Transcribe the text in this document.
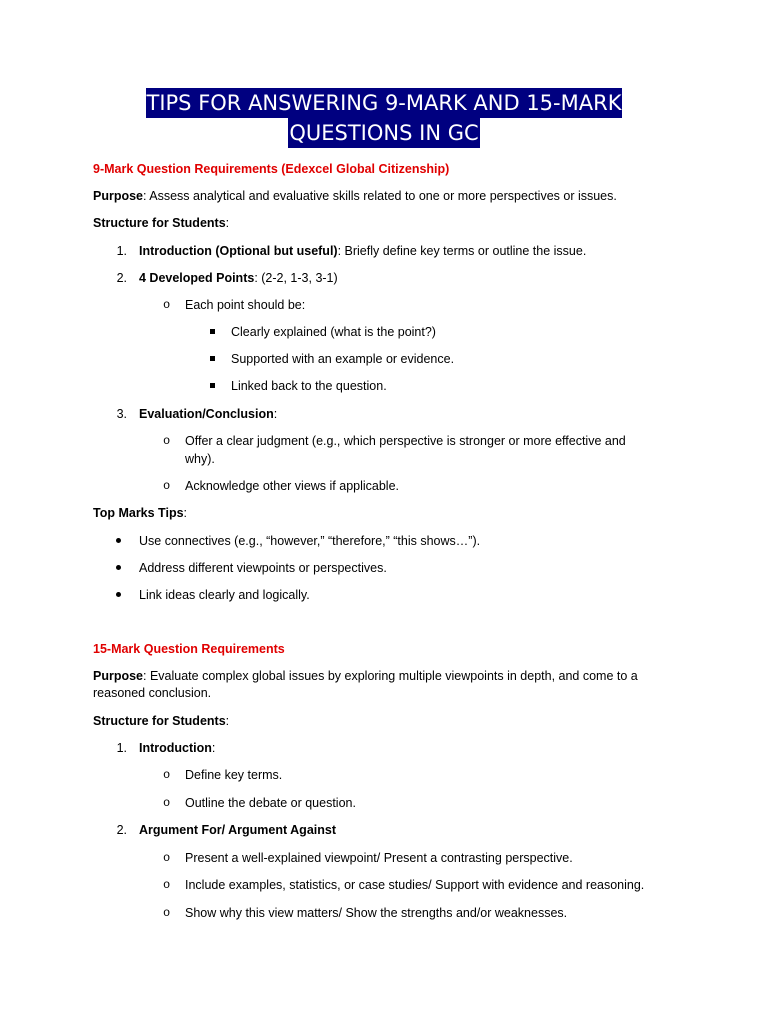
TIPS FOR ANSWERING 9-MARK AND 15-MARK
QUESTIONS IN GC
9-Mark Question Requirements (Edexcel Global Citizenship)
Purpose: Assess analytical and evaluative skills related to one or more perspectives or issues.
Structure for Students:
1. Introduction (Optional but useful): Briefly define key terms or outline the issue.
2. 4 Developed Points: (2-2, 1-3, 3-1)
o Each point should be:
Clearly explained (what is the point?)
Supported with an example or evidence.
Linked back to the question.
3. Evaluation/Conclusion:
o Offer a clear judgment (e.g., which perspective is stronger or more effective and why).
o Acknowledge other views if applicable.
Top Marks Tips:
Use connectives (e.g., “however,” “therefore,” “this shows…”).
Address different viewpoints or perspectives.
Link ideas clearly and logically.
15-Mark Question Requirements
Purpose: Evaluate complex global issues by exploring multiple viewpoints in depth, and come to a reasoned conclusion.
Structure for Students:
1. Introduction:
o Define key terms.
o Outline the debate or question.
2. Argument For/ Argument Against
o Present a well-explained viewpoint/ Present a contrasting perspective.
o Include examples, statistics, or case studies/ Support with evidence and reasoning.
o Show why this view matters/ Show the strengths and/or weaknesses.
